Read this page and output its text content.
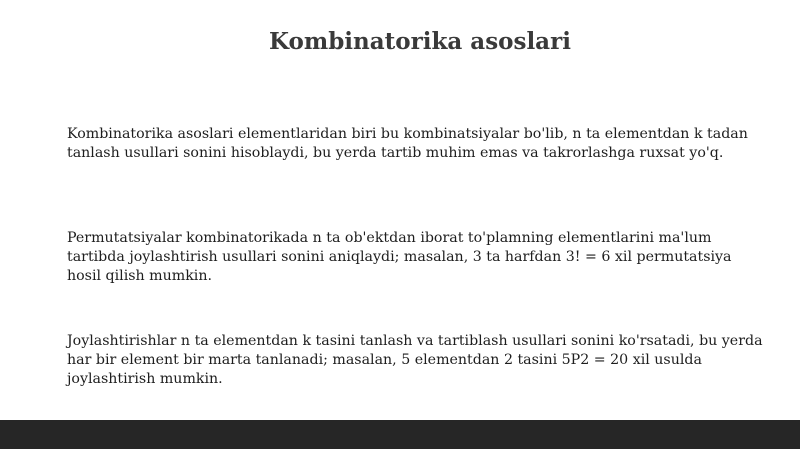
Kombinatorika asoslari

Kombinatorika asoslari elementlaridan biri bu kombinatsiyalar bo'lib, n ta elementdan k tadan tanlash usullari sonini hisoblaydi, bu yerda tartib muhim emas va takrorlashga ruxsat yo'q.

Permutatsiyalar kombinatorikada n ta ob'ektdan iborat to'plamning elementlarini ma'lum tartibda joylashtirish usullari sonini aniqlaydi; masalan, 3 ta harfdan 3! = 6 xil permutatsiya hosil qilish mumkin.

Joylashtirishlar n ta elementdan k tasini tanlash va tartiblash usullari sonini ko'rsatadi, bu yerda har bir element bir marta tanlanadi; masalan, 5 elementdan 2 tasini 5P2 = 20 xil usulda joylashtirish mumkin.
